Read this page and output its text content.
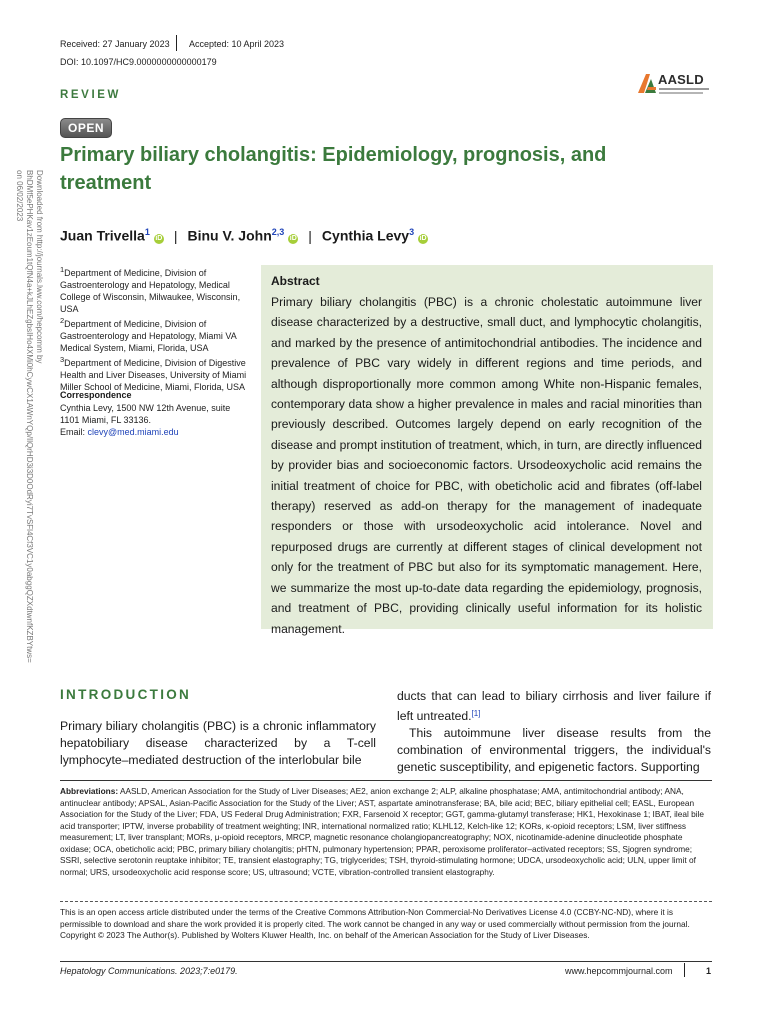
Received: 27 January 2023 Accepted: 10 April 2023
DOI: 10.1097/HC9.0000000000000179
AASLD
REVIEW
OPEN
Primary biliary cholangitis: Epidemiology, prognosis, and treatment
Downloaded from http://journals.lww.com/hepcomm by BhDMf5ePHKav1zEoum1tQfN4a+kJLhEZgbsIHo4XMi0hCywCX1AWnYQp/IlQrHD3i3D0OdRyi7TvSFl4Cf3VC1y0abggQZXdtwnfKZBYtws= on 06/02/2023
Juan Trivella$^1$iD | Binu V. John$^{2,3}$iD | Cynthia Levy$^3$iD

$^1$Department of Medicine, Division of Gastroenterology and Hepatology, Medical College of Wisconsin, Milwaukee, Wisconsin, USA

$^2$Department of Medicine, Division of Gastroenterology and Hepatology, Miami VA Medical System, Miami, Florida, USA

$^3$Department of Medicine, Division of Digestive Health and Liver Diseases, University of Miami Miller School of Medicine, Miami, Florida, USA

Correspondence
Cynthia Levy, 1500 NW 12th Avenue, suite
1101 Miami, FL 33136.
Email: clevy@med.miami.edu
Abstract
Primary biliary cholangitis (PBC) is a chronic cholestatic autoimmune liver disease characterized by a destructive, small duct, and lymphocytic cholangitis, and marked by the presence of antimitochondrial antibodies. The incidence and prevalence of PBC vary widely in different regions and time periods, and although disproportionally more common among White non-Hispanic females, contemporary data show a higher prevalence in males and racial minorities than previously described. Outcomes largely depend on early recognition of the disease and prompt institution of treatment, which, in turn, are directly influenced by provider bias and socioeconomic factors. Ursodeoxycholic acid remains the initial treatment of choice for PBC, with obeticholic acid and fibrates (off-label therapy) reserved as add-on therapy for the management of inadequate responders or those with ursodeoxycholic acid intolerance. Novel and repurposed drugs are currently at different stages of clinical development not only for the treatment of PBC but also for its symptomatic management. Here, we summarize the most up-to-date data regarding the epidemiology, prognosis, and treatment of PBC, providing clinically useful information for its holistic management.
INTRODUCTION
Primary biliary cholangitis (PBC) is a chronic inflammatory hepatobiliary disease characterized by a T-cell lymphocyte–mediated destruction of the interlobular bile

ducts that can lead to biliary cirrhosis and liver failure if left untreated.[1]

This autoimmune liver disease results from the combination of environmental triggers, the individual's genetic susceptibility, and epigenetic factors. Supporting

Abbreviations: AASLD, American Association for the Study of Liver Diseases; AE2, anion exchange 2; ALP, alkaline phosphatase; AMA, antimitochondrial antibody; ANA, antinuclear antibody; APSAL, Asian-Pacific Association for the Study of the Liver; AST, aspartate aminotransferase; BA, bile acid; BEC, biliary epithelial cell; EASL, European Association for the Study of the Liver; FDA, US Federal Drug Administration; FXR, Farsenoid X receptor; GGT, gamma-glutamyl transferase; HK1, Hexokinase 1; IBAT, ileal bile acid transporter; IPTW, inverse probability of treatment weighting; INR, international normalized ratio; KLHL12, Kelch-like 12; KORs, κ-opioid receptors; LSM, liver stiffness measurement; LT, liver transplant; MORs, μ-opioid receptors, MRCP, magnetic resonance cholangiopancreatography; NOX, nicotinamide-adenine dinucleotide phosphate oxidase; OCA, obeticholic acid; PBC, primary biliary cholangitis; pHTN, pulmonary hypertension; PPAR, peroxisome proliferator–activated receptors; SS, Sjogren syndrome; SSRI, selective serotonin reuptake inhibitor; TE, transient elastography; TG, triglycerides; TSH, thyroid-stimulating hormone; UDCA, ursodeoxycholic acid; ULN, upper limit of normal; URS, ursodeoxycholic acid response score; US, ultrasound; VCTE, vibration-controlled transient elastography.
This is an open access article distributed under the terms of the Creative Commons Attribution-Non Commercial-No Derivatives License 4.0 (CCBY-NC-ND), where it is permissible to download and share the work provided it is properly cited. The work cannot be changed in any way or used commercially without permission from the journal.
Copyright © 2023 The Author(s). Published by Wolters Kluwer Health, Inc. on behalf of the American Association for the Study of Liver Diseases.
Hepatology Communications. 2023;7:e0179.	www.hepcommjournal.com	1
